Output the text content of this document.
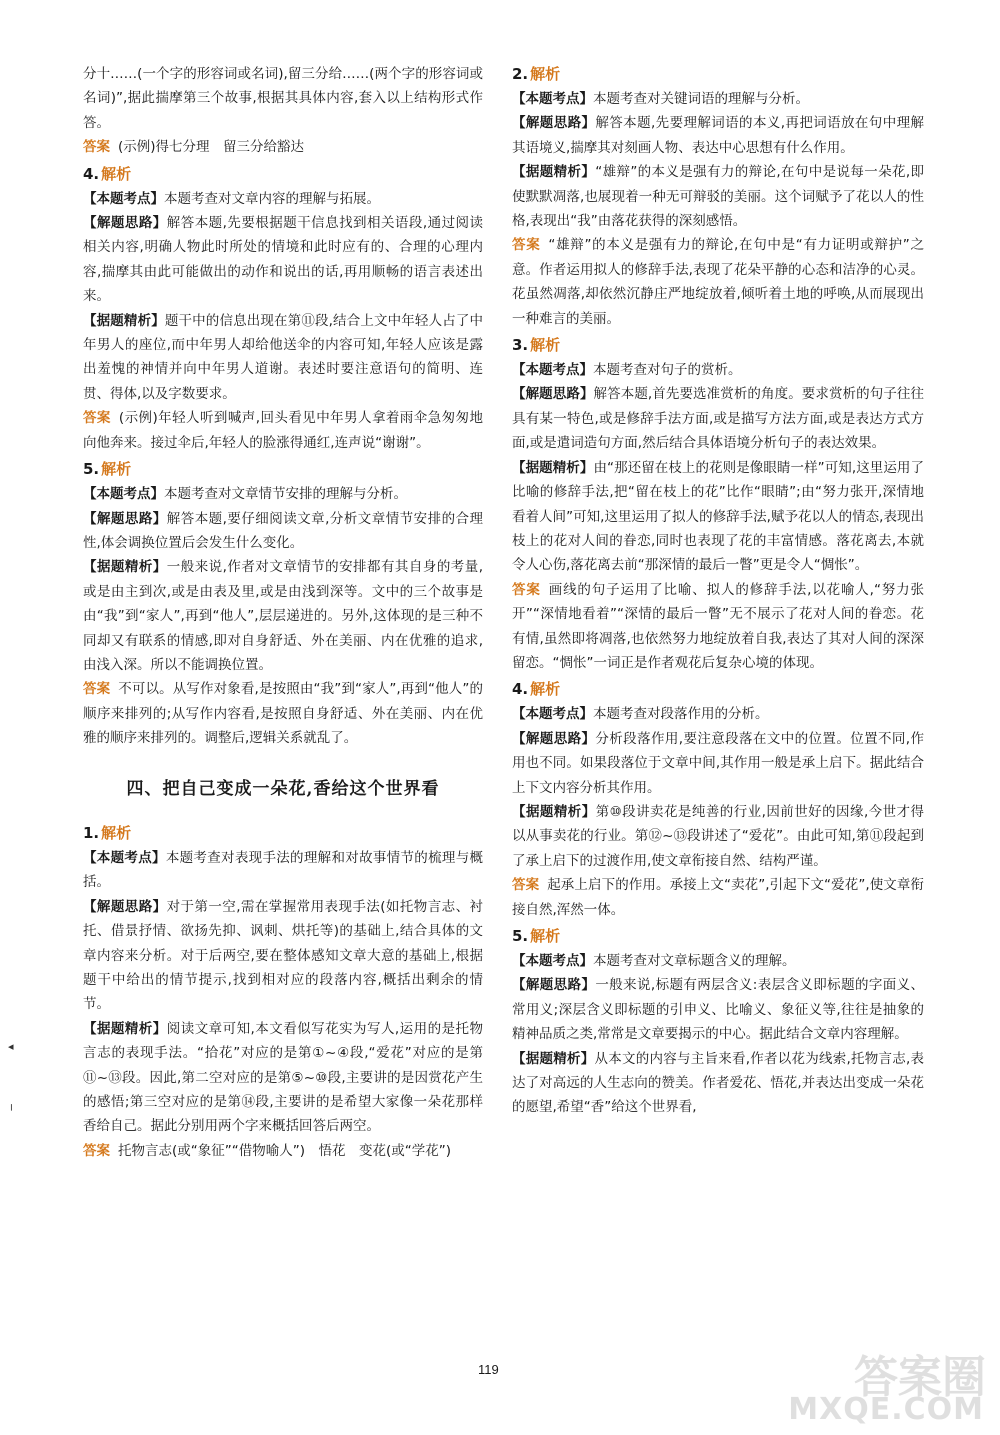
分十……(一个字的形容词或名词),留三分给……(两个字的形容词或名词)”,据此揣摩第三个故事,根据其具体内容,套入以上结构形式作答。
答案 (示例)得七分理　留三分给豁达
4. 解析
【本题考点】本题考查对文章内容的理解与拓展。
【解题思路】解答本题,先要根据题干信息找到相关语段,通过阅读相关内容,明确人物此时所处的情境和此时应有的、合理的心理内容,揣摩其由此可能做出的动作和说出的话,再用顺畅的语言表述出来。
【据题精析】题干中的信息出现在第⑪段,结合上文中年轻人占了中年男人的座位,而中年男人却给他送伞的内容可知,年轻人应该是露出羞愧的神情并向中年男人道谢。表述时要注意语句的简明、连贯、得体,以及字数要求。
答案 (示例)年轻人听到喊声,回头看见中年男人拿着雨伞急匆匆地向他奔来。接过伞后,年轻人的脸涨得通红,连声说“谢谢”。
5. 解析
【本题考点】本题考查对文章情节安排的理解与分析。
【解题思路】解答本题,要仔细阅读文章,分析文章情节安排的合理性,体会调换位置后会发生什么变化。
【据题精析】一般来说,作者对文章情节的安排都有其自身的考量,或是由主到次,或是由表及里,或是由浅到深等。文中的三个故事是由“我”到“家人”,再到“他人”,层层递进的。另外,这体现的是三种不同却又有联系的情感,即对自身舒适、外在美丽、内在优雅的追求,由浅入深。所以不能调换位置。
答案 不可以。从写作对象看,是按照由“我”到“家人”,再到“他人”的顺序来排列的;从写作内容看,是按照自身舒适、外在美丽、内在优雅的顺序来排列的。调整后,逻辑关系就乱了。
四、把自己变成一朵花,香给这个世界看
1. 解析
【本题考点】本题考查对表现手法的理解和对故事情节的梳理与概括。
【解题思路】对于第一空,需在掌握常用表现手法(如托物言志、衬托、借景抒情、欲扬先抑、讽刺、烘托等)的基础上,结合具体的文章内容来分析。对于后两空,要在整体感知文章大意的基础上,根据题干中给出的情节提示,找到相对应的段落内容,概括出剩余的情节。
【据题精析】阅读文章可知,本文看似写花实为写人,运用的是托物言志的表现手法。“拾花”对应的是第①~④段,“爱花”对应的是第⑪~⑬段。因此,第二空对应的是第⑤~⑩段,主要讲的是因赏花产生的感悟;第三空对应的是第⑭段,主要讲的是希望大家像一朵花那样香给自己。据此分别用两个字来概括回答后两空。
答案 托物言志(或“象征”“借物喻人”)　悟花　变花(或“学花”)
2. 解析
【本题考点】本题考查对关键词语的理解与分析。
【解题思路】解答本题,先要理解词语的本义,再把词语放在句中理解其语境义,揣摩其对刻画人物、表达中心思想有什么作用。
【据题精析】“雄辩”的本义是强有力的辩论,在句中是说每一朵花,即使默默凋落,也展现着一种无可辩驳的美丽。这个词赋予了花以人的性格,表现出“我”由落花获得的深刻感悟。
答案 “雄辩”的本义是强有力的辩论,在句中是“有力证明或辩护”之意。作者运用拟人的修辞手法,表现了花朵平静的心态和洁净的心灵。花虽然凋落,却依然沉静庄严地绽放着,倾听着土地的呼唤,从而展现出一种难言的美丽。
3. 解析
【本题考点】本题考查对句子的赏析。
【解题思路】解答本题,首先要选准赏析的角度。要求赏析的句子往往具有某一特色,或是修辞手法方面,或是描写方法方面,或是表达方式方面,或是遣词造句方面,然后结合具体语境分析句子的表达效果。
【据题精析】由“那还留在枝上的花则是像眼睛一样”可知,这里运用了比喻的修辞手法,把“留在枝上的花”比作“眼睛”;由“努力张开,深情地看着人间”可知,这里运用了拟人的修辞手法,赋予花以人的情态,表现出枝上的花对人间的眷恋,同时也表现了花的丰富情感。落花离去,本就令人心伤,落花离去前“那深情的最后一瞥”更是令人“惆怅”。
答案 画线的句子运用了比喻、拟人的修辞手法,以花喻人,“努力张开”“深情地看着”“深情的最后一瞥”无不展示了花对人间的眷恋。花有情,虽然即将凋落,也依然努力地绽放着自我,表达了其对人间的深深留恋。“惆怅”一词正是作者观花后复杂心境的体现。
4. 解析
【本题考点】本题考查对段落作用的分析。
【解题思路】分析段落作用,要注意段落在文中的位置。位置不同,作用也不同。如果段落位于文章中间,其作用一般是承上启下。据此结合上下文内容分析其作用。
【据题精析】第⑩段讲卖花是纯善的行业,因前世好的因缘,今世才得以从事卖花的行业。第⑫~⑬段讲述了“爱花”。由此可知,第⑪段起到了承上启下的过渡作用,使文章衔接自然、结构严谨。
答案 起承上启下的作用。承接上文“卖花”,引起下文“爱花”,使文章衔接自然,浑然一体。
5. 解析
【本题考点】本题考查对文章标题含义的理解。
【解题思路】一般来说,标题有两层含义:表层含义即标题的字面义、常用义;深层含义即标题的引申义、比喻义、象征义等,往往是抽象的精神品质之类,常常是文章要揭示的中心。据此结合文章内容理解。
【据题精析】从本文的内容与主旨来看,作者以花为线索,托物言志,表达了对高远的人生志向的赞美。作者爱花、悟花,并表达出变成一朵花的愿望,希望“香”给这个世界看,
◂
╷
119	答案圈
MXQE.COM
